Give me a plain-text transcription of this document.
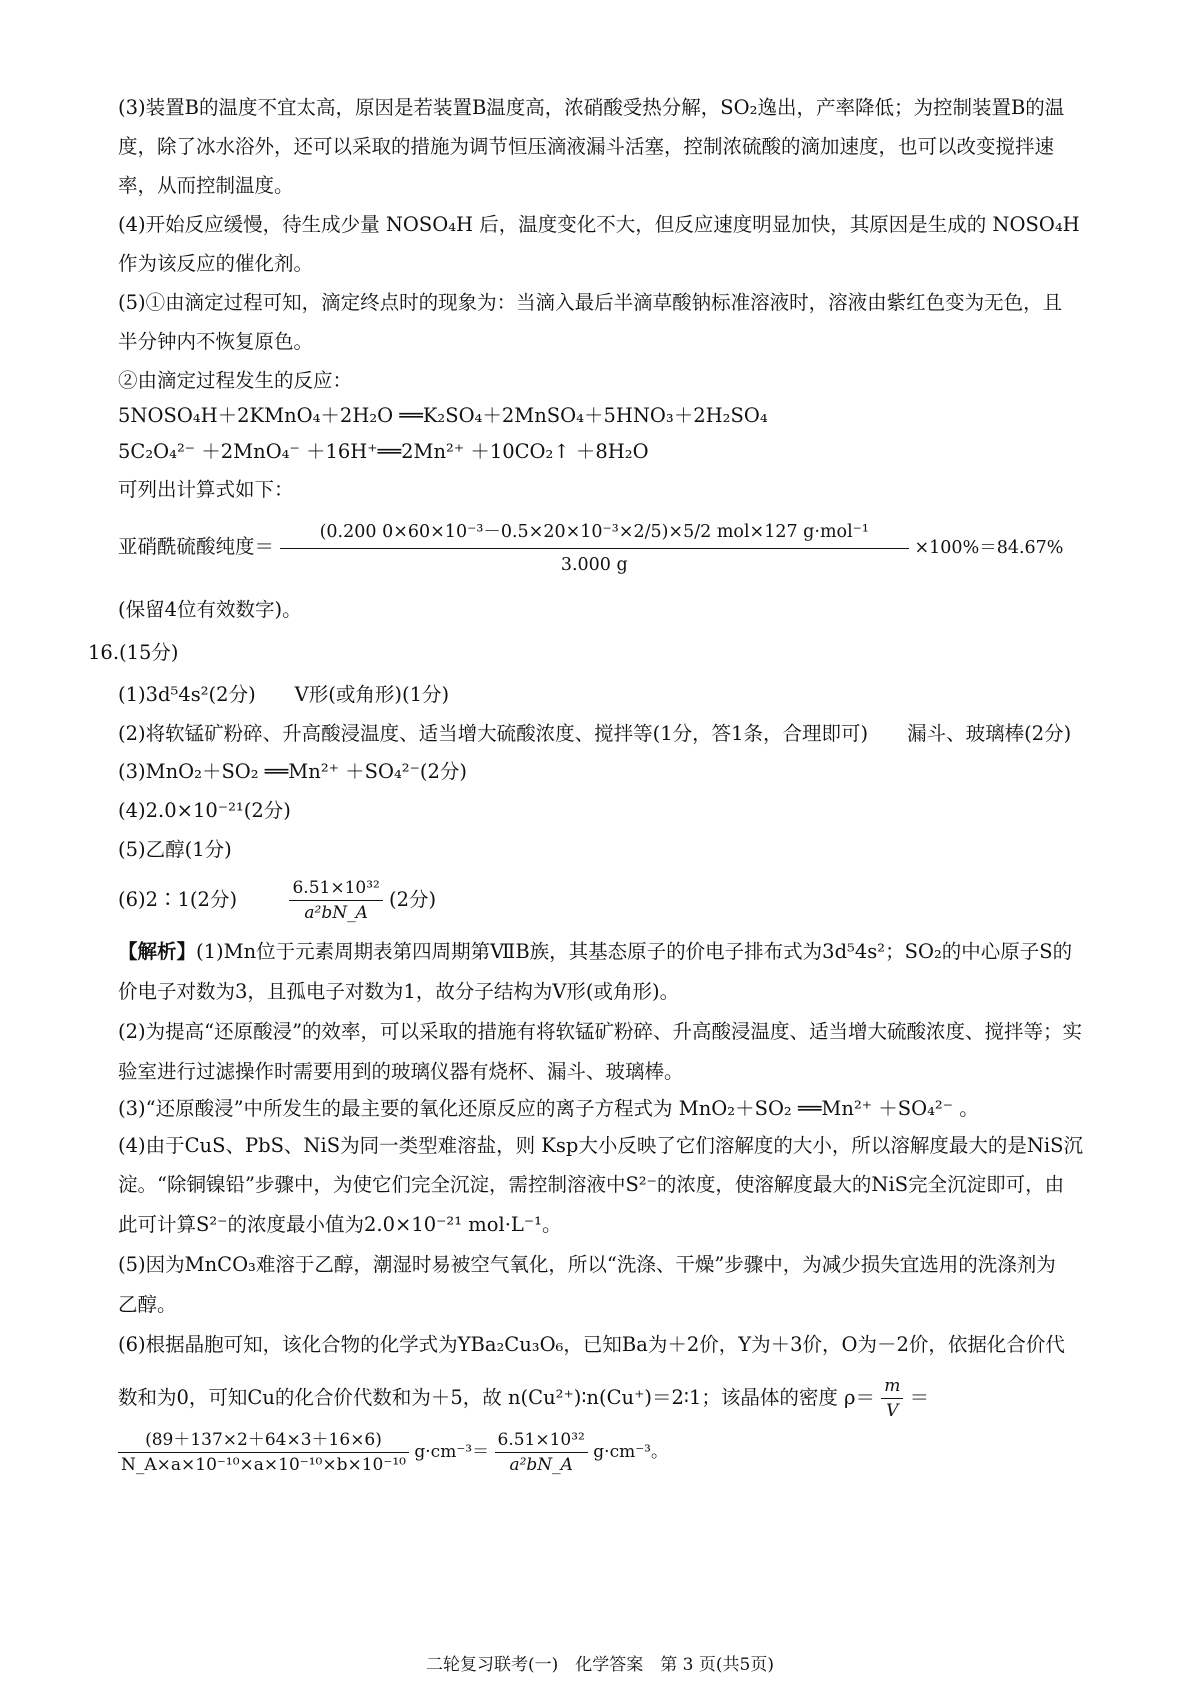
(3)装置B的温度不宜太高，原因是若装置B温度高，浓硝酸受热分解，SO₂逸出，产率降低；为控制装置B的温
度，除了冰水浴外，还可以采取的措施为调节恒压滴液漏斗活塞，控制浓硫酸的滴加速度，也可以改变搅拌速
率，从而控制温度。
(4)开始反应缓慢，待生成少量 NOSO₄H 后，温度变化不大，但反应速度明显加快，其原因是生成的 NOSO₄H
作为该反应的催化剂。
(5)①由滴定过程可知，滴定终点时的现象为：当滴入最后半滴草酸钠标准溶液时，溶液由紫红色变为无色，且
半分钟内不恢复原色。
②由滴定过程发生的反应：
5NOSO₄H＋2KMnO₄＋2H₂O ══K₂SO₄＋2MnSO₄＋5HNO₃＋2H₂SO₄
5C₂O₄²⁻ ＋2MnO₄⁻ ＋16H⁺══2Mn²⁺ ＋10CO₂↑ ＋8H₂O
可列出计算式如下：
亚硝酰硫酸纯度＝ $\frac{\text{(0.200 0×60×10⁻³－0.5×20×10⁻³×2/5)×5/2 mol×127 g·mol⁻¹}}{3.000 g} \times 100\%=84.67\%$
(保留4位有效数字)。
16.(15分)
(1)3d⁵4s²(2分)　　V形(或角形)(1分)
(2)将软锰矿粉碎、升高酸浸温度、适当增大硫酸浓度、搅拌等(1分，答1条，合理即可)　　漏斗、玻璃棒(2分)
(3)MnO₂＋SO₂ ══Mn²⁺ ＋SO₄²⁻(2分)
(4)2.0×10⁻²¹(2分)
(5)乙醇(1分)
(6)2∶1(2分)	$\frac{\text{6.51×10³²}}{\text{a²bN\_A}} (2$分)
【解析】(1)Mn位于元素周期表第四周期第ⅦB族，其基态原子的价电子排布式为3d⁵4s²；SO₂的中心原子S的
价电子对数为3，且孤电子对数为1，故分子结构为V形(或角形)。
(2)为提高“还原酸浸”的效率，可以采取的措施有将软锰矿粉碎、升高酸浸温度、适当增大硫酸浓度、搅拌等；实
验室进行过滤操作时需要用到的玻璃仪器有烧杯、漏斗、玻璃棒。
(3)“还原酸浸”中所发生的最主要的氧化还原反应的离子方程式为 MnO₂＋SO₂ ══Mn²⁺ ＋SO₄²⁻ 。
(4)由于CuS、PbS、NiS为同一类型难溶盐，则 Ksp大小反映了它们溶解度的大小，所以溶解度最大的是NiS沉
淀。“除铜镍铅”步骤中，为使它们完全沉淀，需控制溶液中S²⁻的浓度，使溶解度最大的NiS完全沉淀即可，由
此可计算S²⁻的浓度最小值为2.0×10⁻²¹ mol·L⁻¹。
(5)因为MnCO₃难溶于乙醇，潮湿时易被空气氧化，所以“洗涤、干燥”步骤中，为减少损失宜选用的洗涤剂为
乙醇。
(6)根据晶胞可知，该化合物的化学式为YBa₂Cu₃O₆，已知Ba为＋2价，Y为＋3价，O为－2价，依据化合价代
数和为0，可知Cu的化合价代数和为＋5，故 n(Cu²⁺)∶n(Cu⁺)＝2∶1；该晶体的密度 $\rho= \frac{m}{V}$ ＝
$\frac{(89+137\times 2+64\times 3+16\times 6)}{\text{N\_A×a×10⁻¹⁰×a×10⁻¹⁰×b×10⁻¹⁰}} g\cdot cm^{-3}= \frac{\text{6.51×10³²}}{\text{a²bN\_A}} g\cdot cm^{-3}$。
二轮复习联考(一)　化学答案　第 3 页(共5页)
